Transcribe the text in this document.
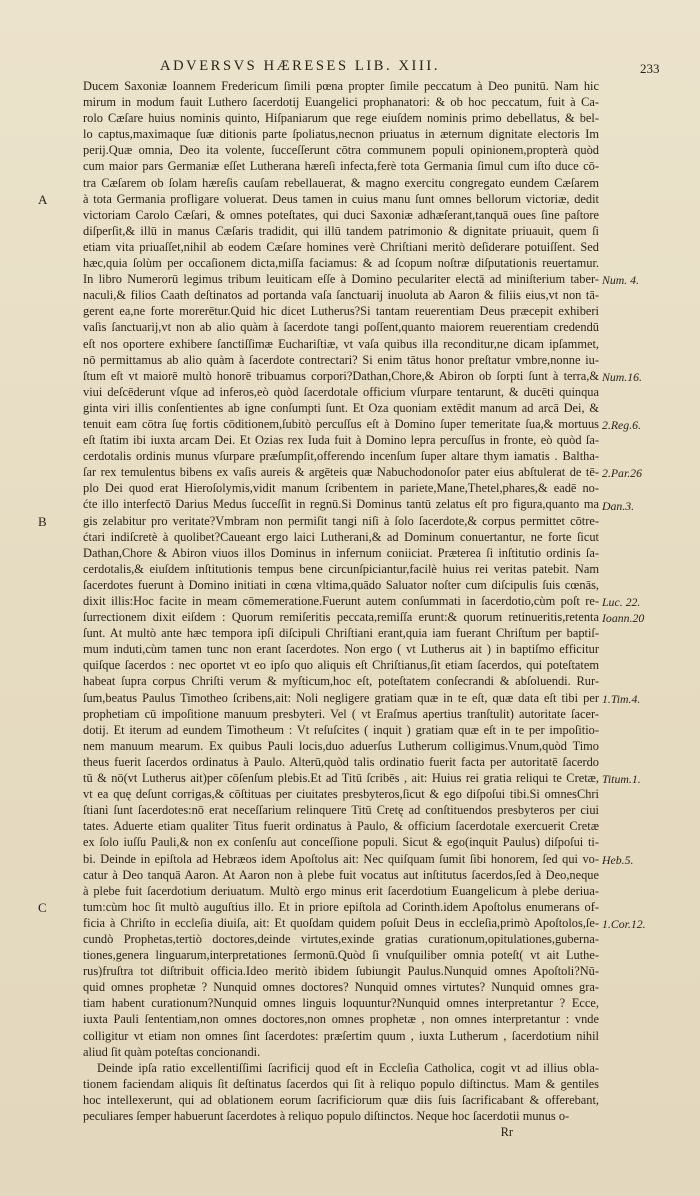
ADVERSVS HÆRESES LIB. XIII.	233
Ducem Saxoniæ Ioannem Fredericum ſimili pœna propter ſimile peccatum à Deo punitū. Nam hic
mirum in modum fauit Luthero ſacerdotij Euangelici prophanatori: & ob hoc peccatum, fuit à Ca-
rolo Cæſare huius nominis quinto, Hiſpaniarum que rege eiuſdem nominis primo debellatus, & bel-
lo captus,maximaque ſuæ ditionis parte ſpoliatus,necnon priuatus in æternum dignitate electoris Im
perij.Quæ omnia, Deo ita volente, ſucceſſerunt cōtra communem populi opinionem,propterà quòd
cum maior pars Germaniæ eſſet Lutherana hæreſi infecta,ferè tota Germania ſimul cum iſto duce cō-
tra Cæſarem ob ſolam hæreſis cauſam rebellauerat, & magno exercitu congregato eundem Cæſarem
à tota Germania profligare voluerat. Deus tamen in cuius manu ſunt omnes bellorum victoriæ, dedit
victoriam Carolo Cæſari, & omnes poteſtates, qui duci Saxoniæ adhæſerant,tanquā oues ſine paſtore
diſperſit,& illū in manus Cæſaris tradidit, qui illū tandem patrimonio & dignitate priuauit, quem ſi
etiam vita priuaſſet,nihil ab eodem Cæſare homines verè Chriſtiani meritò deſiderare potuiſſent. Sed
hæc,quia ſolùm per occaſionem dicta,miſſa faciamus: & ad ſcopum noſtræ diſputationis reuertamur.
In libro Numerorū legimus tribum leuiticam eſſe à Domino peculariter electā ad miniſterium taber-
naculi,& filios Caath deſtinatos ad portanda vaſa ſanctuarij inuoluta ab Aaron & filiis eius,vt non tā-
gerent ea,ne forte morerētur.Quid hic dicet Lutherus?Si tantam reuerentiam Deus præcepit exhiberi
vaſis ſanctuarij,vt non ab alio quàm à ſacerdote tangi poſſent,quanto maiorem reuerentiam credendū
eſt nos oportere exhibere ſanctiſſimæ Euchariſtiæ, vt vaſa quibus illa reconditur,ne dicam ipſammet,
nō permittamus ab alio quàm à ſacerdote contrectari? Si enim tātus honor preſtatur vmbre,nonne iu-
ſtum eſt vt maiorē multò honorē tribuamus corpori?Dathan,Chore,& Abiron ob ſorpti ſunt à terra,&
viui deſcēderunt vſque ad inferos,eò quòd ſacerdotale officium vſurpare tentarunt, & ducēti quinqua
ginta viri illis conſentientes ab igne conſumpti ſunt. Et Oza quoniam extēdit manum ad arcā Dei, &
tenuit eam cōtra ſuę fortis cōditionem,ſubitò percuſſus eſt à Domino ſuper temeritate ſua,& mortuus
eſt ſtatim ibi iuxta arcam Dei. Et Ozias rex Iuda fuit à Domino lepra percuſſus in fronte, eò quòd ſa-
cerdotalis ordinis munus vſurpare præſumpſit,offerendo incenſum ſuper altare thym iamatis . Baltha-
ſar rex temulentus bibens ex vaſis aureis & argēteis quæ Nabuchodonoſor pater eius abſtulerat de tē-
plo Dei quod erat Hieroſolymis,vidit manum ſcribentem in pariete,Mane,Thetel,phares,& eadē no-
ćte illo interfectō Darius Medus ſucceſſit in regnū.Si Dominus tantū zelatus eſt pro figura,quanto ma
gis zelabitur pro veritate?Vmbram non permiſit tangi niſi à ſolo ſacerdote,& corpus permittet cōtre-
ćtari indiſcretè à quolibet?Caueant ergo laici Lutherani,& ad Dominum conuertantur, ne forte ſicut
Dathan,Chore & Abiron viuos illos Dominus in infernum coniiciat. Præterea ſi inſtitutio ordinis ſa-
cerdotalis,& eiuſdem inſtitutionis tempus bene circunſpiciantur,facilè huius rei veritas patebit. Nam
ſacerdotes fuerunt à Domino initiati in cœna vltima,quādo Saluator noſter cum diſcipulis ſuis cœnās,
dixit illis:Hoc facite in meam cōmemeratione.Fuerunt autem conſummati in ſacerdotio,cùm poſt re-
ſurrectionem dixit eiſdem : Quorum remiſeritis peccata,remiſſa erunt:& quorum retinueritis,retenta
ſunt. At multò ante hæc tempora ipſi diſcipuli Chriſtiani erant,quia iam fuerant Chriſtum per baptiſ-
mum induti,cùm tamen tunc non erant ſacerdotes. Non ergo ( vt Lutherus ait ) in baptiſmo efficitur
quiſque ſacerdos : nec oportet vt eo ipſo quo aliquis eſt Chriſtianus,ſit etiam ſacerdos, qui poteſtatem
habeat ſupra corpus Chriſti verum & myſticum,hoc eſt, poteſtatem conſecrandi & abſoluendi. Rur-
ſum,beatus Paulus Timotheo ſcribens,ait: Noli negligere gratiam quæ in te eſt, quæ data eſt tibi per
prophetiam cū impoſitione manuum presbyteri. Vel ( vt Eraſmus apertius tranſtulit) autoritate ſacer-
dotij. Et iterum ad eundem Timotheum : Vt reſuſcites ( inquit ) gratiam quæ eſt in te per impoſitio-
nem manuum mearum. Ex quibus Pauli locis,duo aduerſus Lutherum colligimus.Vnum,quòd Timo
theus fuerit ſacerdos ordinatus à Paulo. Alterū,quòd talis ordinatio fuerit facta per autoritatē ſacerdo
tū & nō(vt Lutherus ait)per cōſenſum plebis.Et ad Titū ſcribēs , ait: Huius rei gratia reliqui te Cretæ,
vt ea quę deſunt corrigas,& cōſtituas per ciuitates presbyteros,ſicut & ego diſpoſui tibi.Si omnesChri
ſtiani ſunt ſacerdotes:nō erat neceſſarium relinquere Titū Cretę ad conſtituendos presbyteros per ciui
tates. Aduerte etiam qualiter Titus fuerit ordinatus à Paulo, & officium ſacerdotale exercuerit Cretæ
ex ſolo iuſſu Pauli,& non ex conſenſu aut conceſſione populi. Sicut & ego(inquit Paulus) diſpoſui ti-
bi. Deinde in epiſtola ad Hebræos idem Apoſtolus ait: Nec quiſquam ſumit ſibi honorem, ſed qui vo-
catur à Deo tanquā Aaron. At Aaron non à plebe fuit vocatus aut inſtitutus ſacerdos,ſed à Deo,neque
à plebe fuit ſacerdotium deriuatum. Multò ergo minus erit ſacerdotium Euangelicum à plebe deriua-
tum:cùm hoc ſit multò auguſtius illo. Et in priore epiſtola ad Corinth.idem Apoſtolus enumerans of-
ficia à Chriſto in eccleſia diuiſa, ait: Et quoſdam quidem poſuit Deus in eccleſia,primò Apoſtolos,ſe-
cundò Prophetas,tertiò doctores,deinde virtutes,exinde gratias curationum,opitulationes,guberna-
tiones,genera linguarum,interpretationes ſermonū.Quòd ſi vnuſquiliber omnia poteſt( vt ait Luthe-
rus)fruſtra tot diſtribuit officia.Ideo meritò ibidem ſubiungit Paulus.Nunquid omnes Apoſtoli?Nū-
quid omnes prophetæ ? Nunquid omnes doctores? Nunquid omnes virtutes? Nunquid omnes gra-
tiam habent curationum?Nunquid omnes linguis loquuntur?Nunquid omnes interpretantur ? Ecce,
iuxta Pauli ſententiam,non omnes doctores,non omnes prophetæ , non omnes interpretantur : vnde
colligitur vt etiam non omnes ſint ſacerdotes: præſertim quum , iuxta Lutherum , ſacerdotium nihil
aliud ſit quàm poteſtas concionandi.
Deinde ipſa ratio excellentiſſimi ſacrificij quod eſt in Eccleſia Catholica, cogit vt ad illius obla-
tionem faciendam aliquis ſit deſtinatus ſacerdos qui ſit à reliquo populo diſtinctus. Mam & gentiles
hoc intellexerunt, qui ad oblationem eorum ſacrificiorum quæ diis ſuis ſacrificabant & offerebant,
peculiares ſemper habuerunt ſacerdotes à reliquo populo diſtinctos. Neque hoc ſacerdotii munus o-
Rr
Num. 4.
Num.16.
2.Reg.6.
2.Par.26
Dan.3.
Luc. 22.
Ioann.20
1.Tim.4.
Titum.1.
Heb.5.
1.Cor.12.
A
B
C
